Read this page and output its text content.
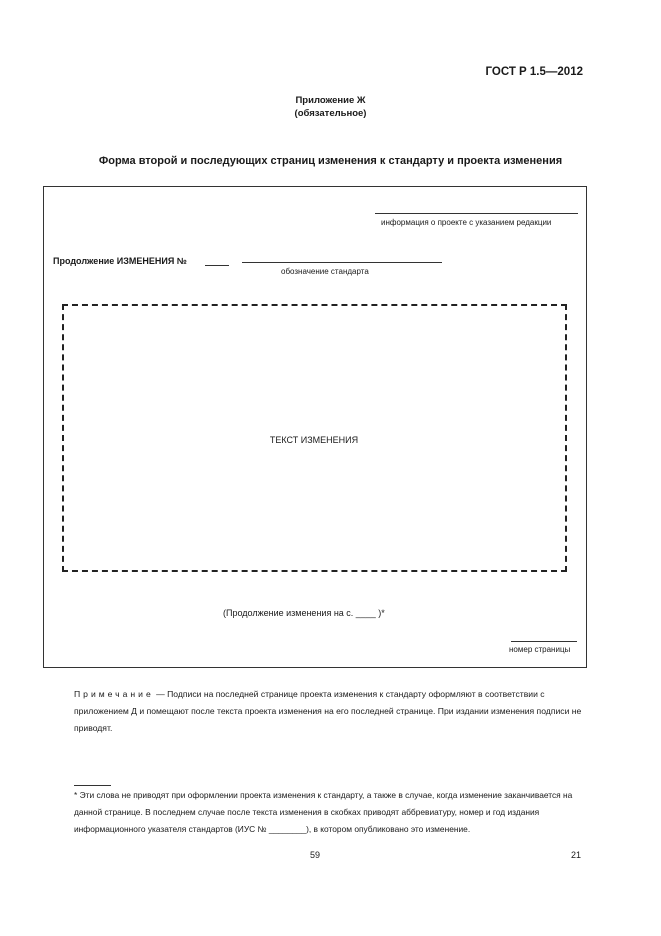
ГОСТ Р 1.5—2012
Приложение Ж
(обязательное)
Форма второй и последующих страниц изменения к стандарту и проекта изменения
информация о проекте с указанием редакции
Продолжение ИЗМЕНЕНИЯ №
обозначение стандарта
ТЕКСТ ИЗМЕНЕНИЯ
(Продолжение изменения на с. ____ )*
номер страницы
Примечание — Подписи на последней странице проекта изменения к стандарту оформляют в соответствии с приложением Д и помещают после текста проекта изменения на его последней странице. При издании изменения подписи не приводят.
* Эти слова не приводят при оформлении проекта изменения к стандарту, а также в случае, когда изменение заканчивается на данной странице. В последнем случае после текста изменения в скобках приводят аббревиатуру, номер и год издания информационного указателя стандартов (ИУС № ________), в котором опубликовано это изменение.
59	21
